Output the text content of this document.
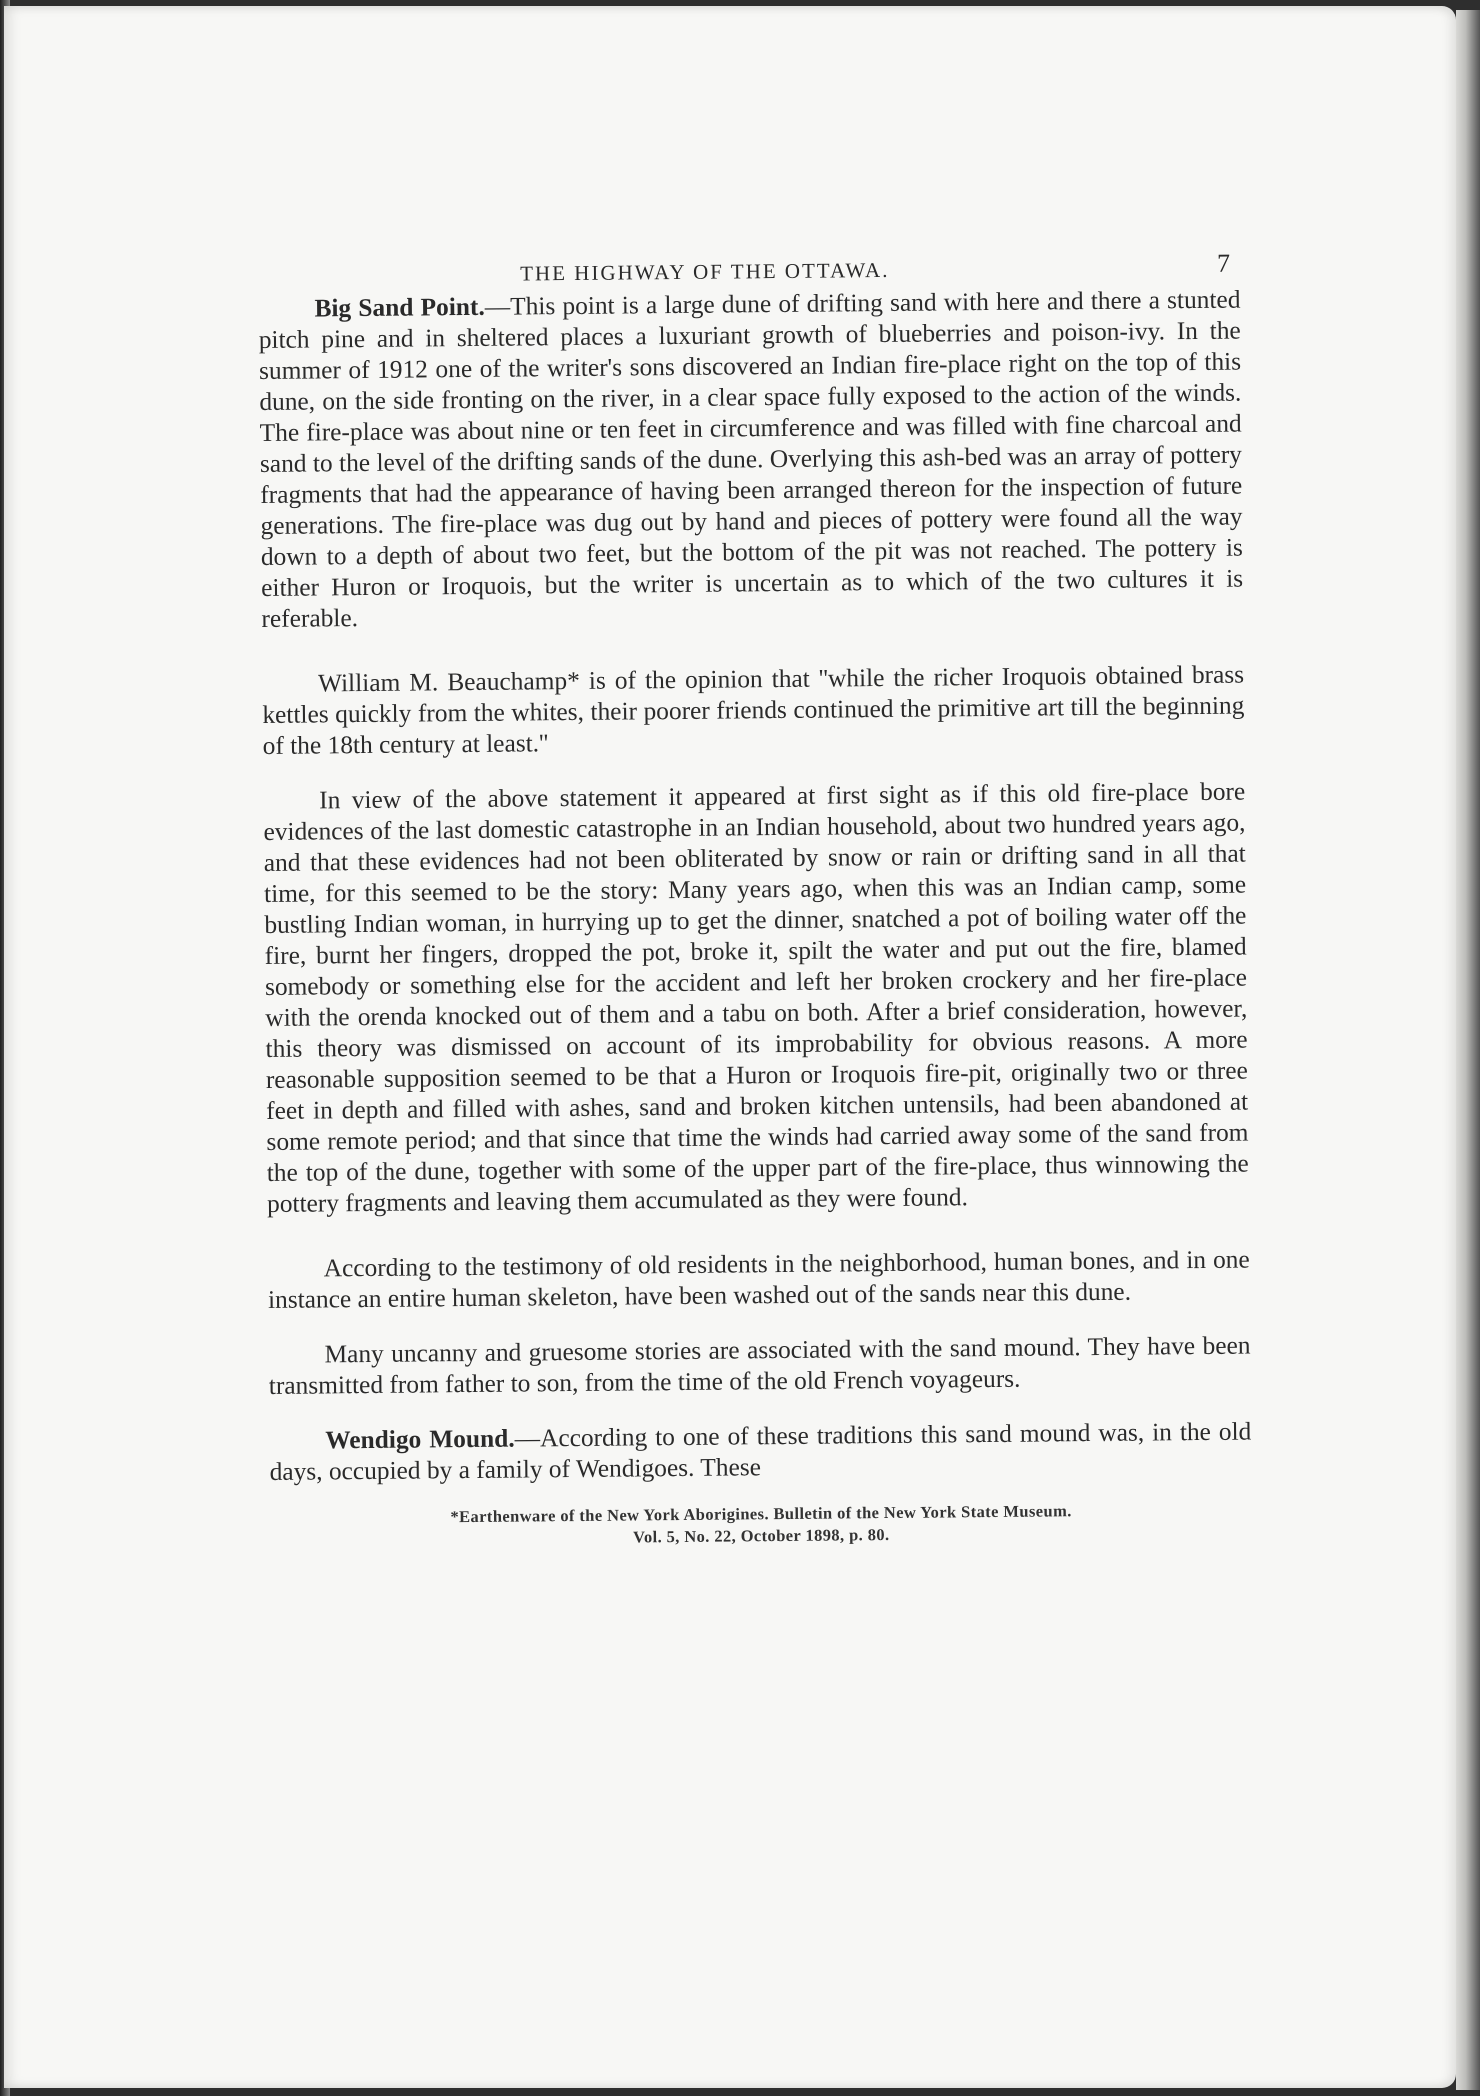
THE HIGHWAY OF THE OTTAWA.	7

Big Sand Point.—This point is a large dune of drifting sand with here and there a stunted pitch pine and in sheltered places a luxuriant growth of blueberries and poison-ivy. In the summer of 1912 one of the writer's sons discovered an Indian fire-place right on the top of this dune, on the side fronting on the river, in a clear space fully exposed to the action of the winds. The fire-place was about nine or ten feet in circumference and was filled with fine charcoal and sand to the level of the drifting sands of the dune. Overlying this ash-bed was an array of pottery fragments that had the appearance of having been arranged thereon for the inspection of future generations. The fire-place was dug out by hand and pieces of pottery were found all the way down to a depth of about two feet, but the bottom of the pit was not reached. The pottery is either Huron or Iroquois, but the writer is uncertain as to which of the two cultures it is referable.

William M. Beauchamp* is of the opinion that ''while the richer Iroquois obtained brass kettles quickly from the whites, their poorer friends continued the primitive art till the beginning of the 18th century at least.''

In view of the above statement it appeared at first sight as if this old fire-place bore evidences of the last domestic catastrophe in an Indian household, about two hundred years ago, and that these evidences had not been obliterated by snow or rain or drifting sand in all that time, for this seemed to be the story: Many years ago, when this was an Indian camp, some bustling Indian woman, in hurrying up to get the dinner, snatched a pot of boiling water off the fire, burnt her fingers, dropped the pot, broke it, spilt the water and put out the fire, blamed somebody or something else for the accident and left her broken crockery and her fire-place with the orenda knocked out of them and a tabu on both. After a brief consideration, however, this theory was dismissed on account of its improbability for obvious reasons. A more reasonable supposition seemed to be that a Huron or Iroquois fire-pit, originally two or three feet in depth and filled with ashes, sand and broken kitchen untensils, had been abandoned at some remote period; and that since that time the winds had carried away some of the sand from the top of the dune, together with some of the upper part of the fire-place, thus winnowing the pottery fragments and leaving them accumulated as they were found.

According to the testimony of old residents in the neighborhood, human bones, and in one instance an entire human skeleton, have been washed out of the sands near this dune.

Many uncanny and gruesome stories are associated with the sand mound. They have been transmitted from father to son, from the time of the old French voyageurs.

Wendigo Mound.—According to one of these traditions this sand mound was, in the old days, occupied by a family of Wendigoes. These

*Earthenware of the New York Aborigines. Bulletin of the New York State Museum.
Vol. 5, No. 22, October 1898, p. 80.
